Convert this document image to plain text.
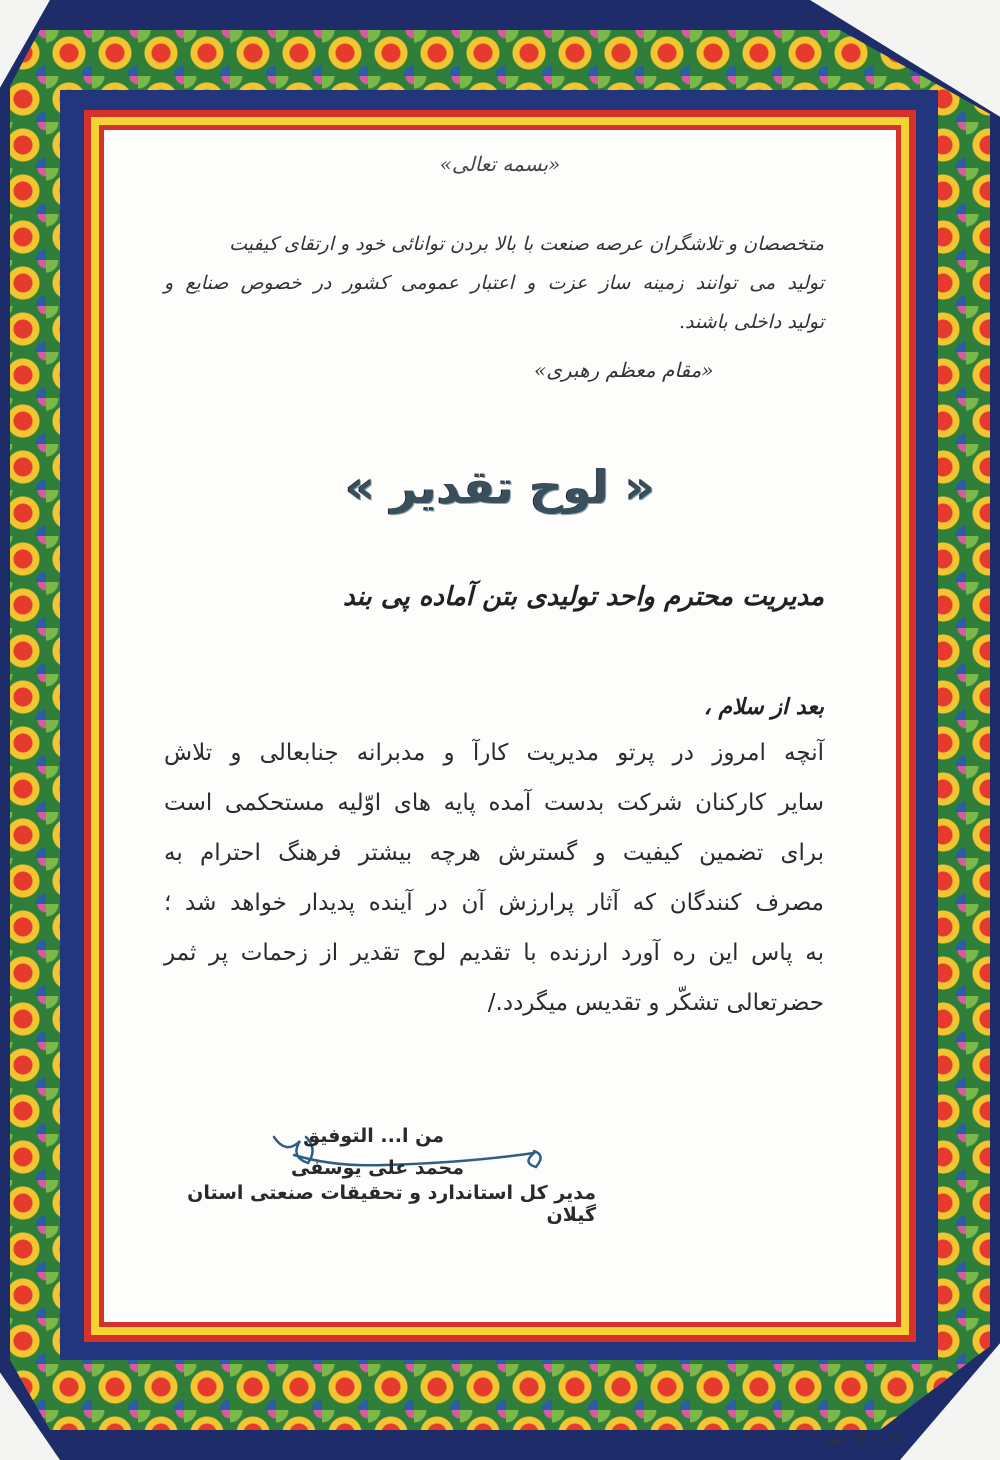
«بسمه تعالی»
متخصصان و تلاشگران عرصه صنعت با بالا بردن توانائی خود و ارتقای کیفیت
تولید می توانند زمینه ساز عزت و اعتبار عمومی کشور در خصوص صنایع و
تولید داخلی باشند.
«مقام معظم رهبری»
« لوح تقدیر »
مدیریت محترم واحد تولیدی بتن آماده پی بند
بعد از سلام ،
آنچه امروز در پرتو مدیریت کارآ و مدبرانه جنابعالی و تلاش
سایر کارکنان شرکت بدست آمده پایه های اوّلیه مستحکمی است
برای تضمین کیفیت و گسترش هرچه بیشتر فرهنگ احترام به
مصرف کنندگان که آثار پرارزش آن در آینده پدیدار خواهد شد ؛
به پاس این ره آورد ارزنده با تقدیم لوح تقدیر از زحمات پر ثمر
حضرتعالی تشکّر و تقدیس میگردد./
من ا... التوفیق
محمد علی یوسفی
مدیر کل استاندارد و تحقیقات صنعتی استان گیلان
کد : ۱۵۰ حق
